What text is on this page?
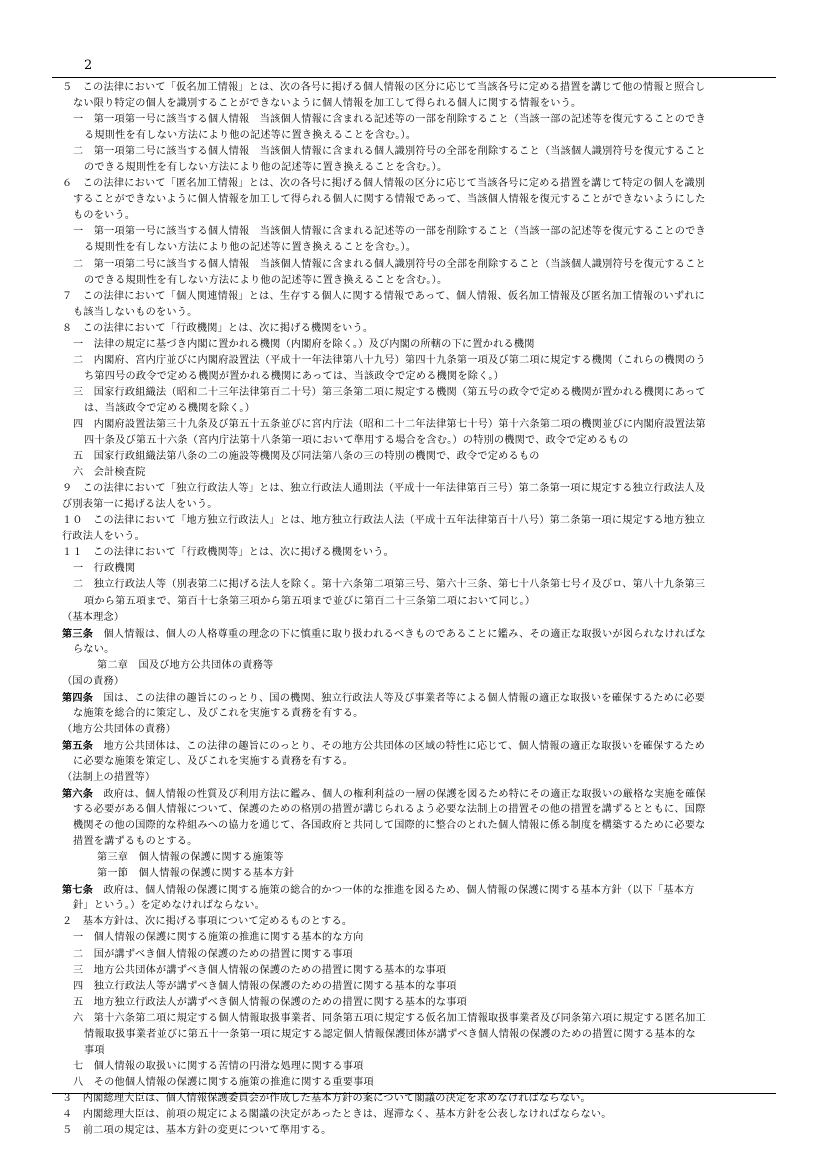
2
５　この法律において「仮名加工情報」とは、次の各号に掲げる個人情報の区分に応じて当該各号に定める措置を講じて他の情報と照合し
ない限り特定の個人を識別することができないように個人情報を加工して得られる個人に関する情報をいう。
一　第一項第一号に該当する個人情報　当該個人情報に含まれる記述等の一部を削除すること（当該一部の記述等を復元することのでき
る規則性を有しない方法により他の記述等に置き換えることを含む。）。
二　第一項第二号に該当する個人情報　当該個人情報に含まれる個人識別符号の全部を削除すること（当該個人識別符号を復元すること
のできる規則性を有しない方法により他の記述等に置き換えることを含む。）。
６　この法律において「匿名加工情報」とは、次の各号に掲げる個人情報の区分に応じて当該各号に定める措置を講じて特定の個人を識別
することができないように個人情報を加工して得られる個人に関する情報であって、当該個人情報を復元することができないようにした
ものをいう。
一　第一項第一号に該当する個人情報　当該個人情報に含まれる記述等の一部を削除すること（当該一部の記述等を復元することのでき
る規則性を有しない方法により他の記述等に置き換えることを含む。）。
二　第一項第二号に該当する個人情報　当該個人情報に含まれる個人識別符号の全部を削除すること（当該個人識別符号を復元すること
のできる規則性を有しない方法により他の記述等に置き換えることを含む。）。
７　この法律において「個人関連情報」とは、生存する個人に関する情報であって、個人情報、仮名加工情報及び匿名加工情報のいずれに
も該当しないものをいう。
８　この法律において「行政機関」とは、次に掲げる機関をいう。
一　法律の規定に基づき内閣に置かれる機関（内閣府を除く。）及び内閣の所轄の下に置かれる機関
二　内閣府、宮内庁並びに内閣府設置法（平成十一年法律第八十九号）第四十九条第一項及び第二項に規定する機関（これらの機関のう
ち第四号の政令で定める機関が置かれる機関にあっては、当該政令で定める機関を除く。）
三　国家行政組織法（昭和二十三年法律第百二十号）第三条第二項に規定する機関（第五号の政令で定める機関が置かれる機関にあって
は、当該政令で定める機関を除く。）
四　内閣府設置法第三十九条及び第五十五条並びに宮内庁法（昭和二十二年法律第七十号）第十六条第二項の機関並びに内閣府設置法第
四十条及び第五十六条（宮内庁法第十八条第一項において準用する場合を含む。）の特別の機関で、政令で定めるもの
五　国家行政組織法第八条の二の施設等機関及び同法第八条の三の特別の機関で、政令で定めるもの
六　会計検査院
９　この法律において「独立行政法人等」とは、独立行政法人通則法（平成十一年法律第百三号）第二条第一項に規定する独立行政法人及
び別表第一に掲げる法人をいう。
１０　この法律において「地方独立行政法人」とは、地方独立行政法人法（平成十五年法律第百十八号）第二条第一項に規定する地方独立
行政法人をいう。
１１　この法律において「行政機関等」とは、次に掲げる機関をいう。
一　行政機関
二　独立行政法人等（別表第二に掲げる法人を除く。第十六条第二項第三号、第六十三条、第七十八条第七号イ及びロ、第八十九条第三
項から第五項まで、第百十七条第三項から第五項まで並びに第百二十三条第二項において同じ。）
（基本理念）
第三条　個人情報は、個人の人格尊重の理念の下に慎重に取り扱われるべきものであることに鑑み、その適正な取扱いが図られなければな
らない。
第二章　国及び地方公共団体の責務等
（国の責務）
第四条　国は、この法律の趣旨にのっとり、国の機関、独立行政法人等及び事業者等による個人情報の適正な取扱いを確保するために必要
な施策を総合的に策定し、及びこれを実施する責務を有する。
（地方公共団体の責務）
第五条　地方公共団体は、この法律の趣旨にのっとり、その地方公共団体の区域の特性に応じて、個人情報の適正な取扱いを確保するため
に必要な施策を策定し、及びこれを実施する責務を有する。
（法制上の措置等）
第六条　政府は、個人情報の性質及び利用方法に鑑み、個人の権利利益の一層の保護を図るため特にその適正な取扱いの厳格な実施を確保
する必要がある個人情報について、保護のための格別の措置が講じられるよう必要な法制上の措置その他の措置を講ずるとともに、国際
機関その他の国際的な枠組みへの協力を通じて、各国政府と共同して国際的に整合のとれた個人情報に係る制度を構築するために必要な
措置を講ずるものとする。
第三章　個人情報の保護に関する施策等
第一節　個人情報の保護に関する基本方針
第七条　政府は、個人情報の保護に関する施策の総合的かつ一体的な推進を図るため、個人情報の保護に関する基本方針（以下「基本方
針」という。）を定めなければならない。
２　基本方針は、次に掲げる事項について定めるものとする。
一　個人情報の保護に関する施策の推進に関する基本的な方向
二　国が講ずべき個人情報の保護のための措置に関する事項
三　地方公共団体が講ずべき個人情報の保護のための措置に関する基本的な事項
四　独立行政法人等が講ずべき個人情報の保護のための措置に関する基本的な事項
五　地方独立行政法人が講ずべき個人情報の保護のための措置に関する基本的な事項
六　第十六条第二項に規定する個人情報取扱事業者、同条第五項に規定する仮名加工情報取扱事業者及び同条第六項に規定する匿名加工
情報取扱事業者並びに第五十一条第一項に規定する認定個人情報保護団体が講ずべき個人情報の保護のための措置に関する基本的な
事項
七　個人情報の取扱いに関する苦情の円滑な処理に関する事項
八　その他個人情報の保護に関する施策の推進に関する重要事項
３　内閣総理大臣は、個人情報保護委員会が作成した基本方針の案について閣議の決定を求めなければならない。
４　内閣総理大臣は、前項の規定による閣議の決定があったときは、遅滞なく、基本方針を公表しなければならない。
５　前二項の規定は、基本方針の変更について準用する。
